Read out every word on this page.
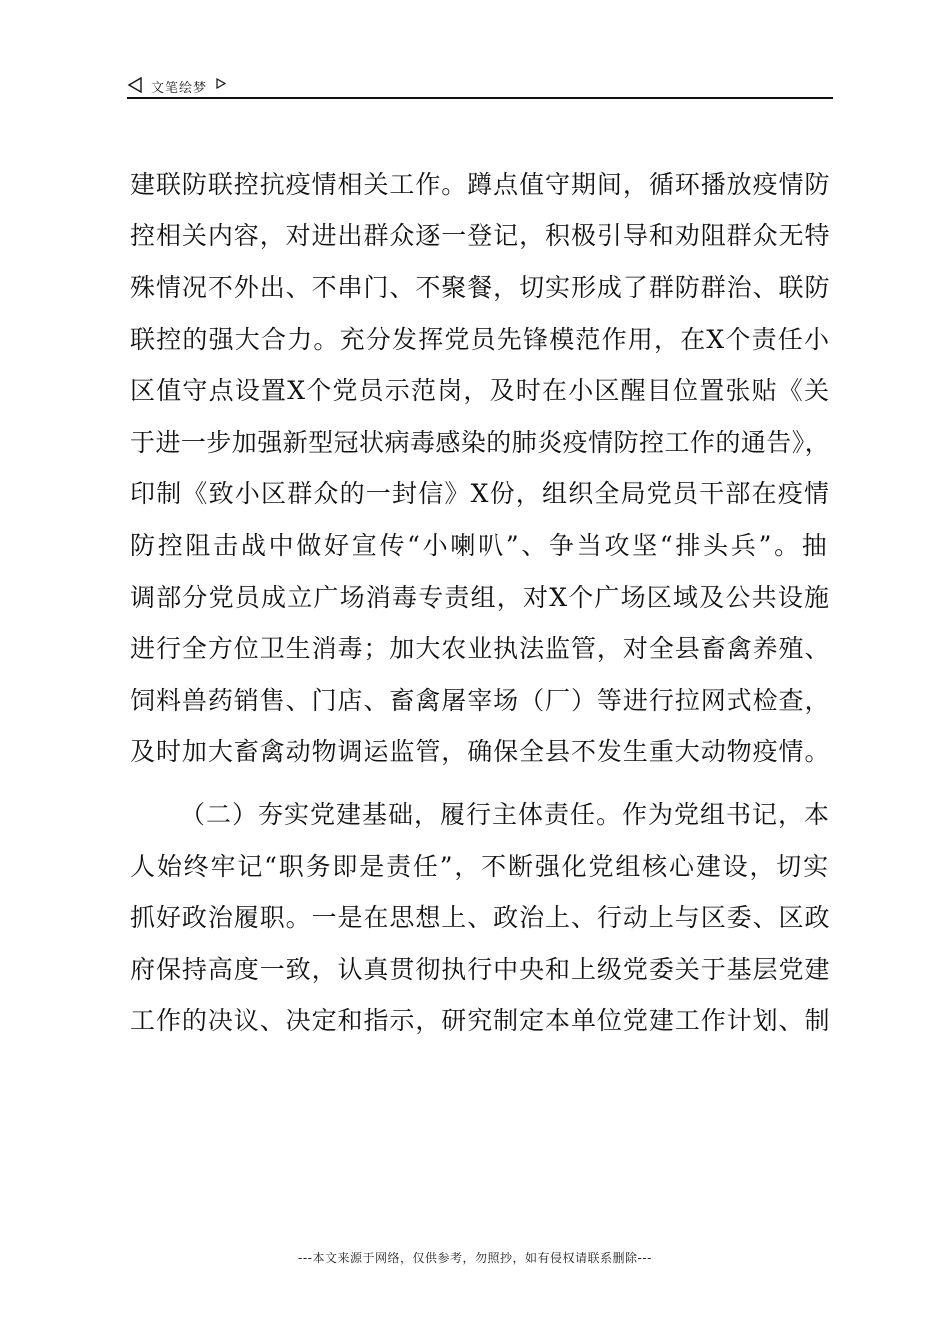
文笔绘梦
建联防联控抗疫情相关工作。蹲点值守期间，循环播放疫情防
控相关内容，对进出群众逐一登记，积极引导和劝阻群众无特
殊情况不外出、不串门、不聚餐，切实形成了群防群治、联防
联控的强大合力。充分发挥党员先锋模范作用，在X个责任小
区值守点设置X个党员示范岗，及时在小区醒目位置张贴《关
于进一步加强新型冠状病毒感染的肺炎疫情防控工作的通告》，
印制《致小区群众的一封信》X份，组织全局党员干部在疫情
防控阻击战中做好宣传“小喇叭”、争当攻坚“排头兵”。抽
调部分党员成立广场消毒专责组，对X个广场区域及公共设施
进行全方位卫生消毒；加大农业执法监管，对全县畜禽养殖、
饲料兽药销售、门店、畜禽屠宰场（厂）等进行拉网式检查，
及时加大畜禽动物调运监管，确保全县不发生重大动物疫情。
（二）夯实党建基础，履行主体责任。作为党组书记，本
人始终牢记“职务即是责任”，不断强化党组核心建设，切实
抓好政治履职。一是在思想上、政治上、行动上与区委、区政
府保持高度一致，认真贯彻执行中央和上级党委关于基层党建
工作的决议、决定和指示，研究制定本单位党建工作计划、制
---本文来源于网络，仅供参考，勿照抄，如有侵权请联系删除---
